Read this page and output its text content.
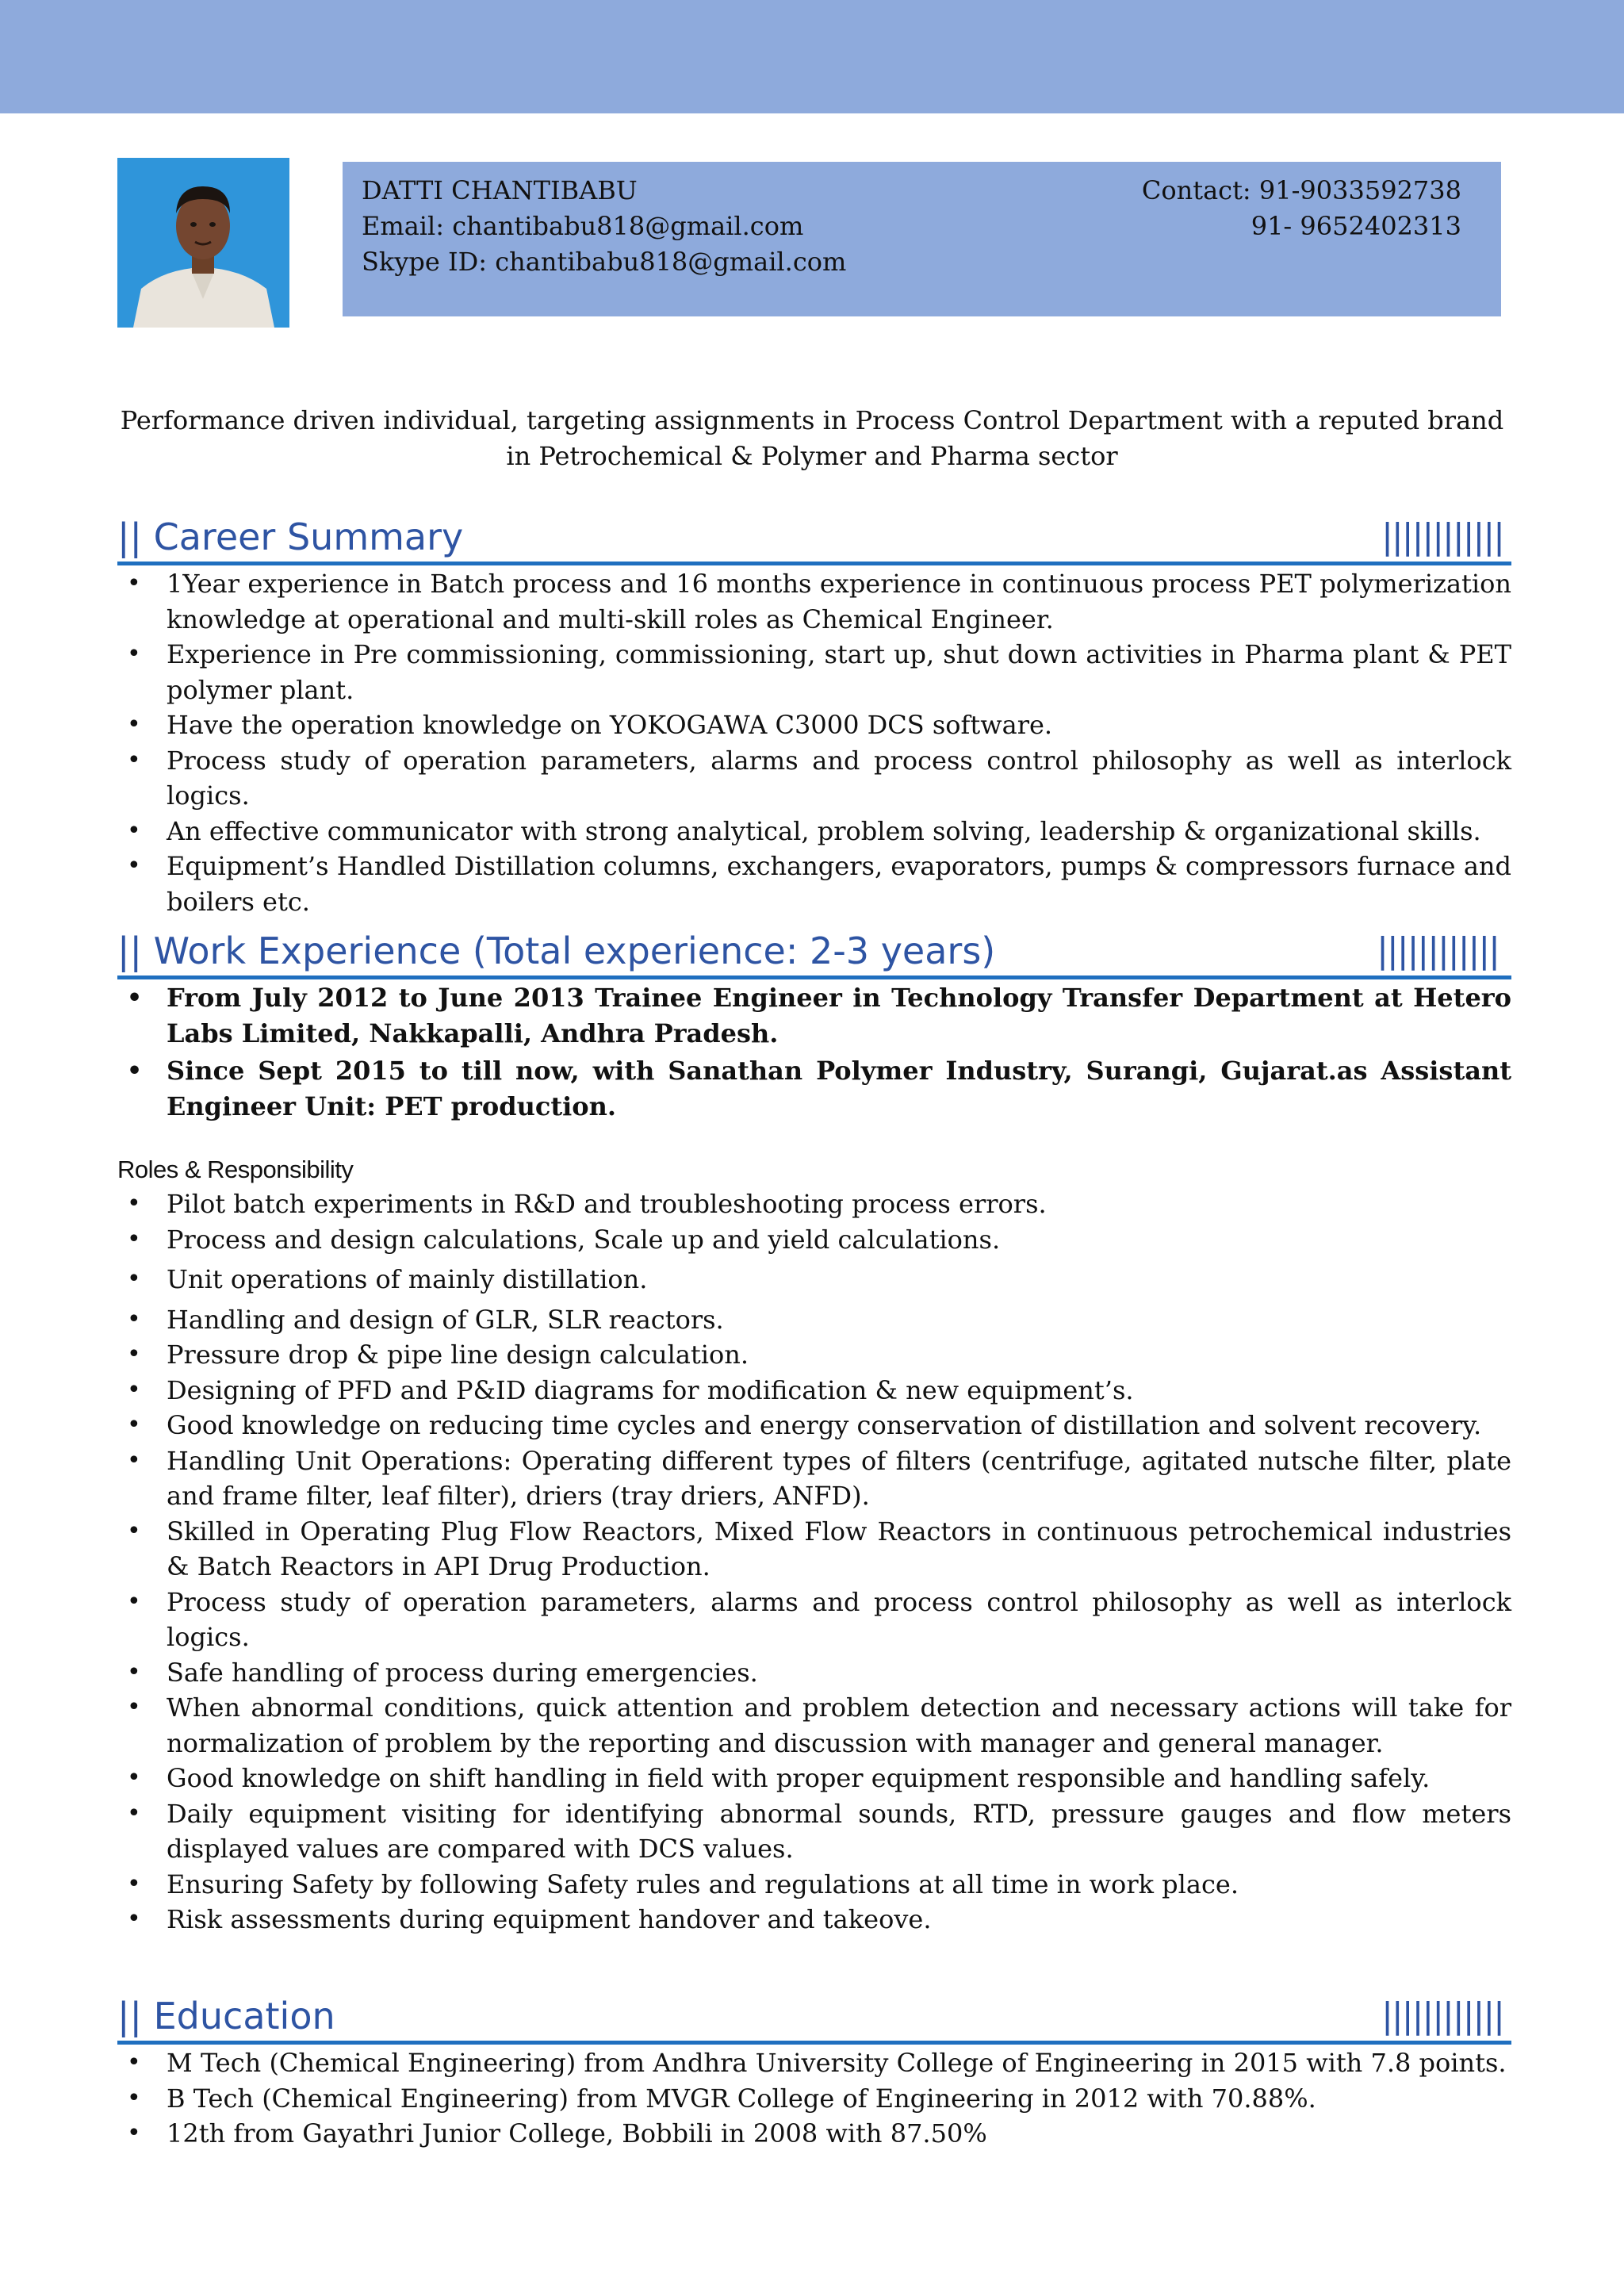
DATTI CHANTIBABU
Email: chantibabu818@gmail.com
Skype ID: chantibabu818@gmail.com
Contact: 91-9033592738
91- 9652402313
Performance driven individual, targeting assignments in Process Control Department with a reputed brand
in Petrochemical & Polymer and Pharma sector
|| Career Summary	||||||||||||
• 1Year experience in Batch process and 16 months experience in continuous process PET polymerization knowledge at operational and multi-skill roles as Chemical Engineer.
• Experience in Pre commissioning, commissioning, start up, shut down activities in Pharma plant & PET polymer plant.
• Have the operation knowledge on YOKOGAWA C3000 DCS software.
• Process study of operation parameters, alarms and process control philosophy as well as interlock logics.
• An effective communicator with strong analytical, problem solving, leadership & organizational skills.
• Equipment’s Handled Distillation columns, exchangers, evaporators, pumps & compressors furnace and boilers etc.
|| Work Experience (Total experience: 2-3 years)	||||||||||||
• From July 2012 to June 2013 Trainee Engineer in Technology Transfer Department at Hetero Labs Limited, Nakkapalli, Andhra Pradesh.
• Since Sept 2015 to till now, with Sanathan Polymer Industry, Surangi, Gujarat.as Assistant Engineer Unit: PET production.
Roles & Responsibility
• Pilot batch experiments in R&D and troubleshooting process errors.
• Process and design calculations, Scale up and yield calculations.
• Unit operations of mainly distillation.
• Handling and design of GLR, SLR reactors.
• Pressure drop & pipe line design calculation.
• Designing of PFD and P&ID diagrams for modification & new equipment’s.
• Good knowledge on reducing time cycles and energy conservation of distillation and solvent recovery.
• Handling Unit Operations: Operating different types of filters (centrifuge, agitated nutsche filter, plate and frame filter, leaf filter), driers (tray driers, ANFD).
• Skilled in Operating Plug Flow Reactors, Mixed Flow Reactors in continuous petrochemical industries & Batch Reactors in API Drug Production.
• Process study of operation parameters, alarms and process control philosophy as well as interlock logics.
• Safe handling of process during emergencies.
• When abnormal conditions, quick attention and problem detection and necessary actions will take for normalization of problem by the reporting and discussion with manager and general manager.
• Good knowledge on shift handling in field with proper equipment responsible and handling safely.
• Daily equipment visiting for identifying abnormal sounds, RTD, pressure gauges and flow meters displayed values are compared with DCS values.
• Ensuring Safety by following Safety rules and regulations at all time in work place.
• Risk assessments during equipment handover and takeove.
|| Education	||||||||||||
• M Tech (Chemical Engineering) from Andhra University College of Engineering in 2015 with 7.8 points.
• B Tech (Chemical Engineering) from MVGR College of Engineering in 2012 with 70.88%.
• 12th from Gayathri Junior College, Bobbili in 2008 with 87.50%
